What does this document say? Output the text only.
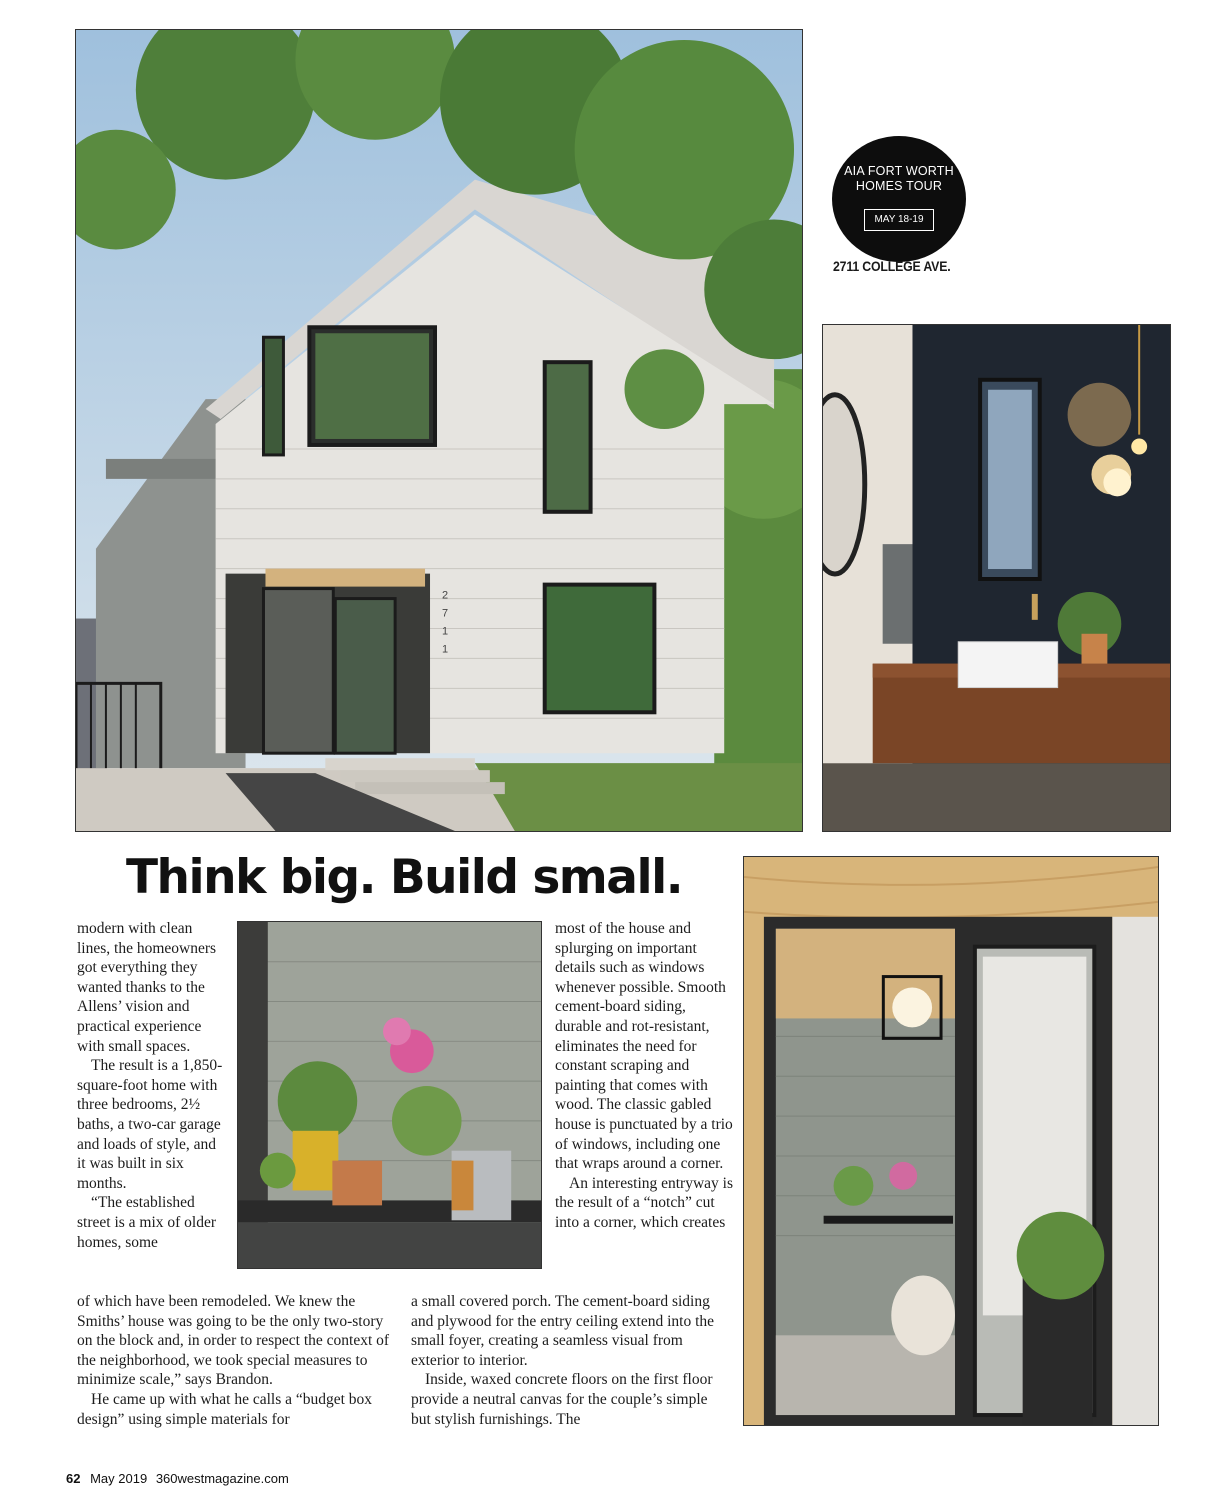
2
7
1
1
AIA FORT WORTH
HOMES TOUR
MAY 18-19
2711 COLLEGE AVE.
Think big. Build small.

modern with clean lines, the homeowners got everything they wanted thanks to the Allens’ vision and practical experience with small spaces.

The result is a 1,850-square-foot home with three bedrooms, 2½ baths, a two-car garage and loads of style, and it was built in six months.

“The established street is a mix of older homes, some

of which have been remodeled. We knew the Smiths’ house was going to be the only two-story on the block and, in order to respect the context of the neighborhood, we took special measures to minimize scale,” says Brandon.

He came up with what he calls a “budget box design” using simple materials for

most of the house and splurging on important details such as windows whenever possible. Smooth cement-board siding, durable and rot-resistant, eliminates the need for constant scraping and painting that comes with wood. The classic gabled house is punctuated by a trio of windows, including one that wraps around a corner.

An interesting entryway is the result of a “notch” cut into a corner, which creates

a small covered porch. The cement-board siding and plywood for the entry ceiling extend into the small foyer, creating a seamless visual from exterior to interior.

Inside, waxed concrete floors on the first floor provide a neutral canvas for the couple’s simple but stylish furnishings. The

62 May 2019 360westmagazine.com
